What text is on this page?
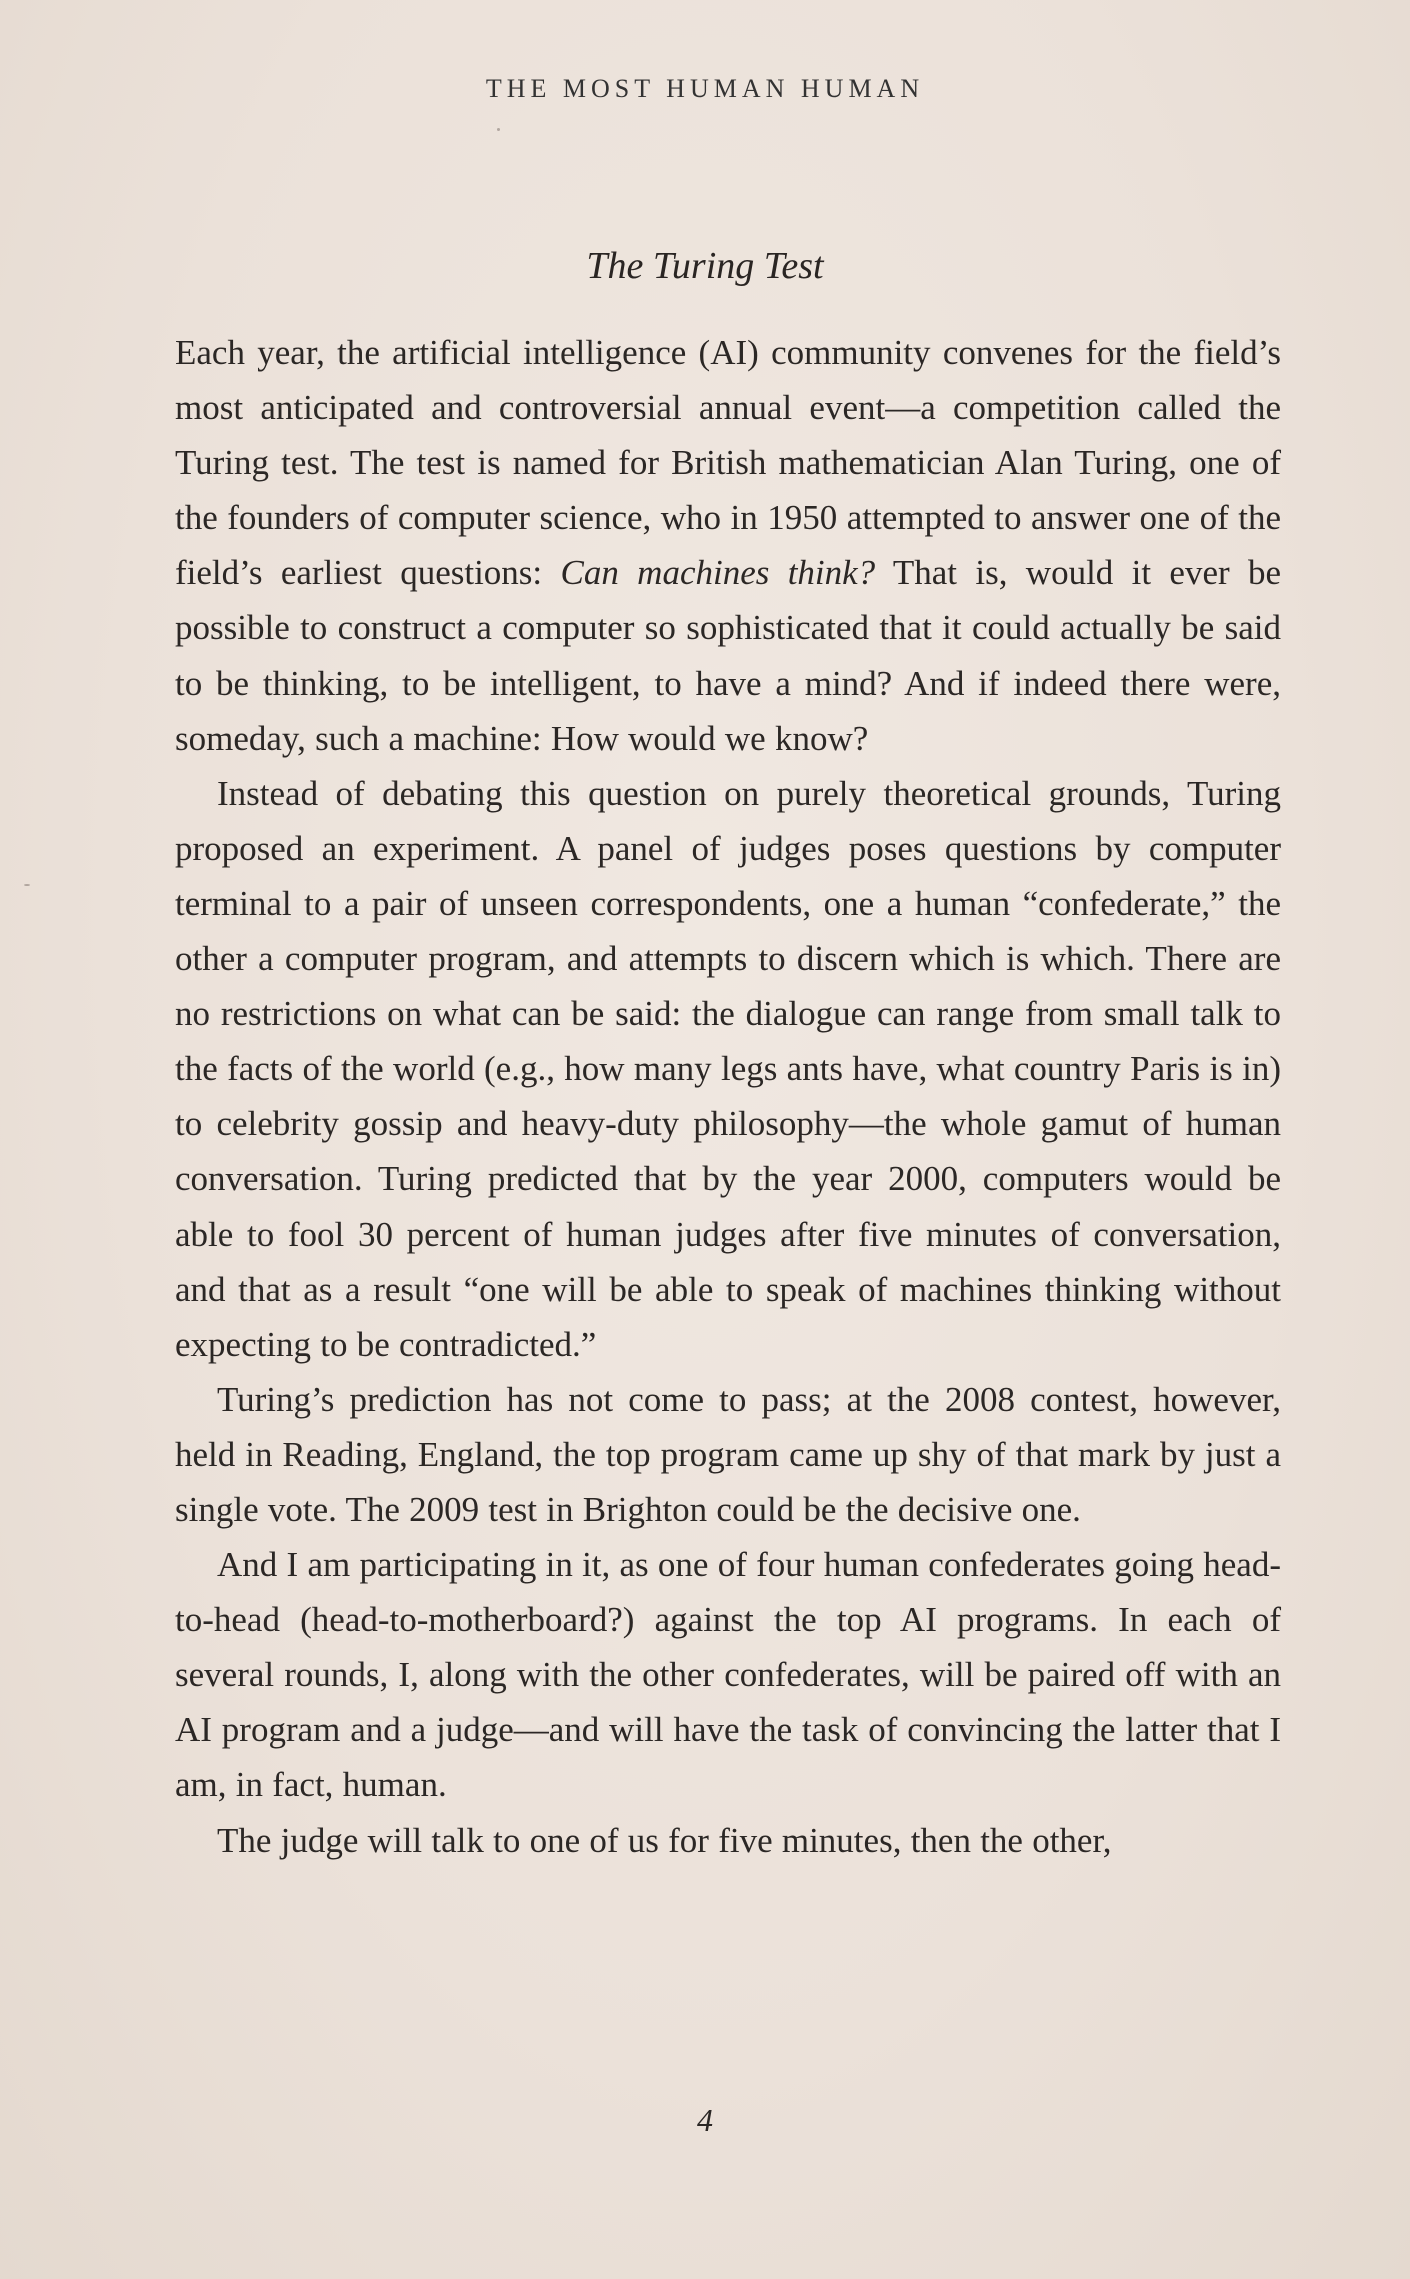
THE MOST HUMAN HUMAN
The Turing Test

Each year, the artificial intelligence (AI) community convenes for the field’s most anticipated and controversial annual event—a competition called the Turing test. The test is named for British mathematician Alan Turing, one of the founders of computer science, who in 1950 attempted to answer one of the field’s earliest questions: Can machines think? That is, would it ever be possible to construct a computer so sophisticated that it could actually be said to be thinking, to be intelligent, to have a mind? And if indeed there were, someday, such a machine: How would we know?

Instead of debating this question on purely theoretical grounds, Turing proposed an experiment. A panel of judges poses questions by computer terminal to a pair of unseen correspondents, one a human “confederate,” the other a computer program, and attempts to discern which is which. There are no restrictions on what can be said: the dialogue can range from small talk to the facts of the world (e.g., how many legs ants have, what country Paris is in) to celebrity gossip and heavy-duty philosophy—the whole gamut of human conversation. Turing predicted that by the year 2000, computers would be able to fool 30 percent of human judges after five minutes of conversation, and that as a result “one will be able to speak of machines thinking without expecting to be contradicted.”

Turing’s prediction has not come to pass; at the 2008 contest, however, held in Reading, England, the top program came up shy of that mark by just a single vote. The 2009 test in Brighton could be the decisive one.

And I am participating in it, as one of four human confederates going head-to-head (head-to-motherboard?) against the top AI programs. In each of several rounds, I, along with the other confederates, will be paired off with an AI program and a judge—and will have the task of convincing the latter that I am, in fact, human.

The judge will talk to one of us for five minutes, then the other,

4
